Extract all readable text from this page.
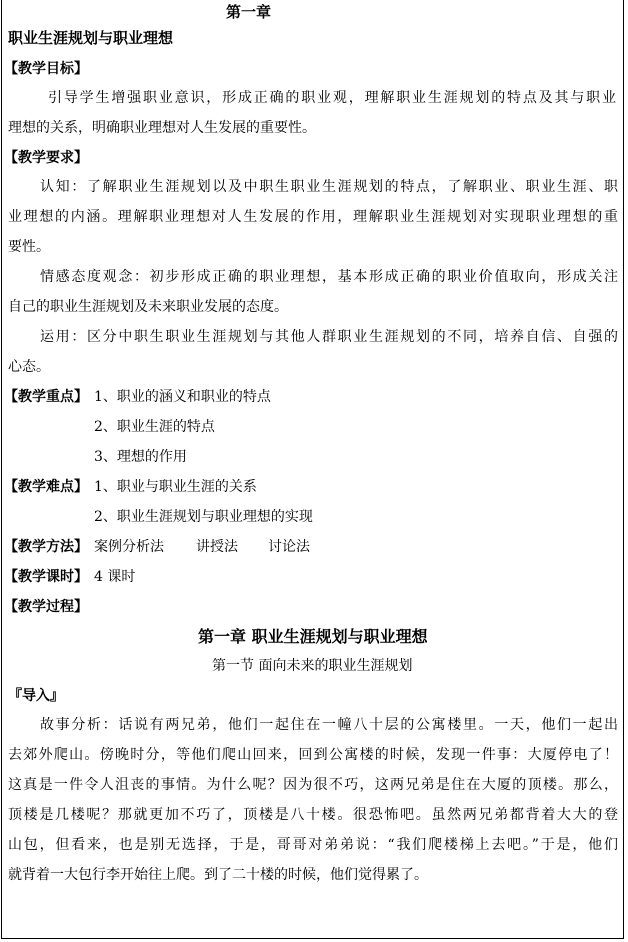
第一章
职业生涯规划与职业理想
【教学目标】
引导学生增强职业意识，形成正确的职业观，理解职业生涯规划的特点及其与职业
理想的关系，明确职业理想对人生发展的重要性。
【教学要求】
认知：了解职业生涯规划以及中职生职业生涯规划的特点，了解职业、职业生涯、职
业理想的内涵。理解职业理想对人生发展的作用，理解职业生涯规划对实现职业理想的重
要性。
情感态度观念：初步形成正确的职业理想，基本形成正确的职业价值取向，形成关注
自己的职业生涯规划及未来职业发展的态度。
运用：区分中职生职业生涯规划与其他人群职业生涯规划的不同，培养自信、自强的
心态。
【教学重点】 1、职业的涵义和职业的特点
2、职业生涯的特点
3、理想的作用
【教学难点】 1、职业与职业生涯的关系
2、职业生涯规划与职业理想的实现
【教学方法】 案例分析法 讲授法 讨论法
【教学课时】 4 课时
【教学过程】
第一章 职业生涯规划与职业理想
第一节 面向未来的职业生涯规划
『导入』
故事分析：话说有两兄弟，他们一起住在一幢八十层的公寓楼里。一天，他们一起出
去郊外爬山。傍晚时分，等他们爬山回来，回到公寓楼的时候，发现一件事：大厦停电了！
这真是一件令人沮丧的事情。为什么呢？因为很不巧，这两兄弟是住在大厦的顶楼。那么，
顶楼是几楼呢？那就更加不巧了，顶楼是八十楼。很恐怖吧。虽然两兄弟都背着大大的登
山包，但看来，也是别无选择，于是，哥哥对弟弟说：“我们爬楼梯上去吧。”于是，他们
就背着一大包行李开始往上爬。到了二十楼的时候，他们觉得累了。
